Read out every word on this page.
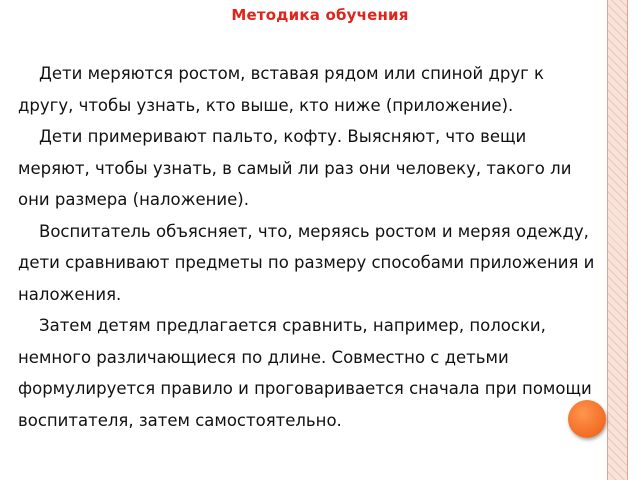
Методика обучения

Дети меряются ростом, вставая рядом или спиной друг к другу, чтобы узнать, кто выше, кто ниже (приложение).

Дети примеривают пальто, кофту. Выясняют, что вещи меряют, чтобы узнать, в самый ли раз они человеку, такого ли они размера (наложение).

Воспитатель объясняет, что, меряясь ростом и меряя одежду, дети сравнивают предметы по размеру способами приложения и наложения.

Затем детям предлагается сравнить, например, полоски, немного различающиеся по длине. Совместно с детьми формулируется правило и проговаривается сначала при помощи воспитателя, затем самостоятельно.
